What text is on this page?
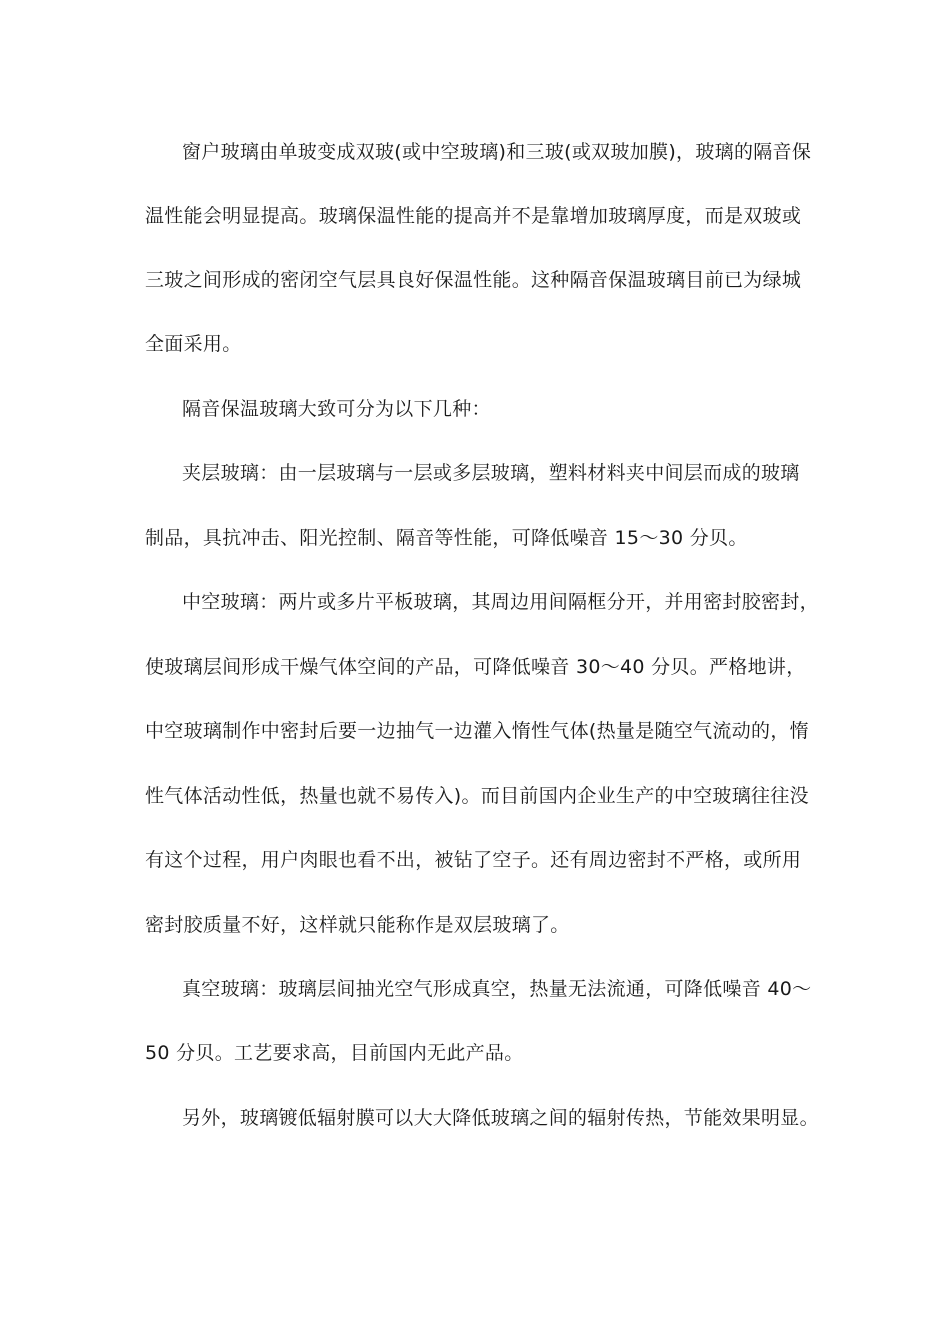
窗户玻璃由单玻变成双玻(或中空玻璃)和三玻(或双玻加膜)，玻璃的隔音保

温性能会明显提高。玻璃保温性能的提高并不是靠增加玻璃厚度，而是双玻或

三玻之间形成的密闭空气层具良好保温性能。这种隔音保温玻璃目前已为绿城

全面采用。

隔音保温玻璃大致可分为以下几种：

夹层玻璃：由一层玻璃与一层或多层玻璃，塑料材料夹中间层而成的玻璃

制品，具抗冲击、阳光控制、隔音等性能，可降低噪音 15～30 分贝。

中空玻璃：两片或多片平板玻璃，其周边用间隔框分开，并用密封胶密封，

使玻璃层间形成干燥气体空间的产品，可降低噪音 30～40 分贝。严格地讲，

中空玻璃制作中密封后要一边抽气一边灌入惰性气体(热量是随空气流动的，惰

性气体活动性低，热量也就不易传入)。而目前国内企业生产的中空玻璃往往没

有这个过程，用户肉眼也看不出，被钻了空子。还有周边密封不严格，或所用

密封胶质量不好，这样就只能称作是双层玻璃了。

真空玻璃：玻璃层间抽光空气形成真空，热量无法流通，可降低噪音 40～

50 分贝。工艺要求高，目前国内无此产品。

另外，玻璃镀低辐射膜可以大大降低玻璃之间的辐射传热，节能效果明显。
